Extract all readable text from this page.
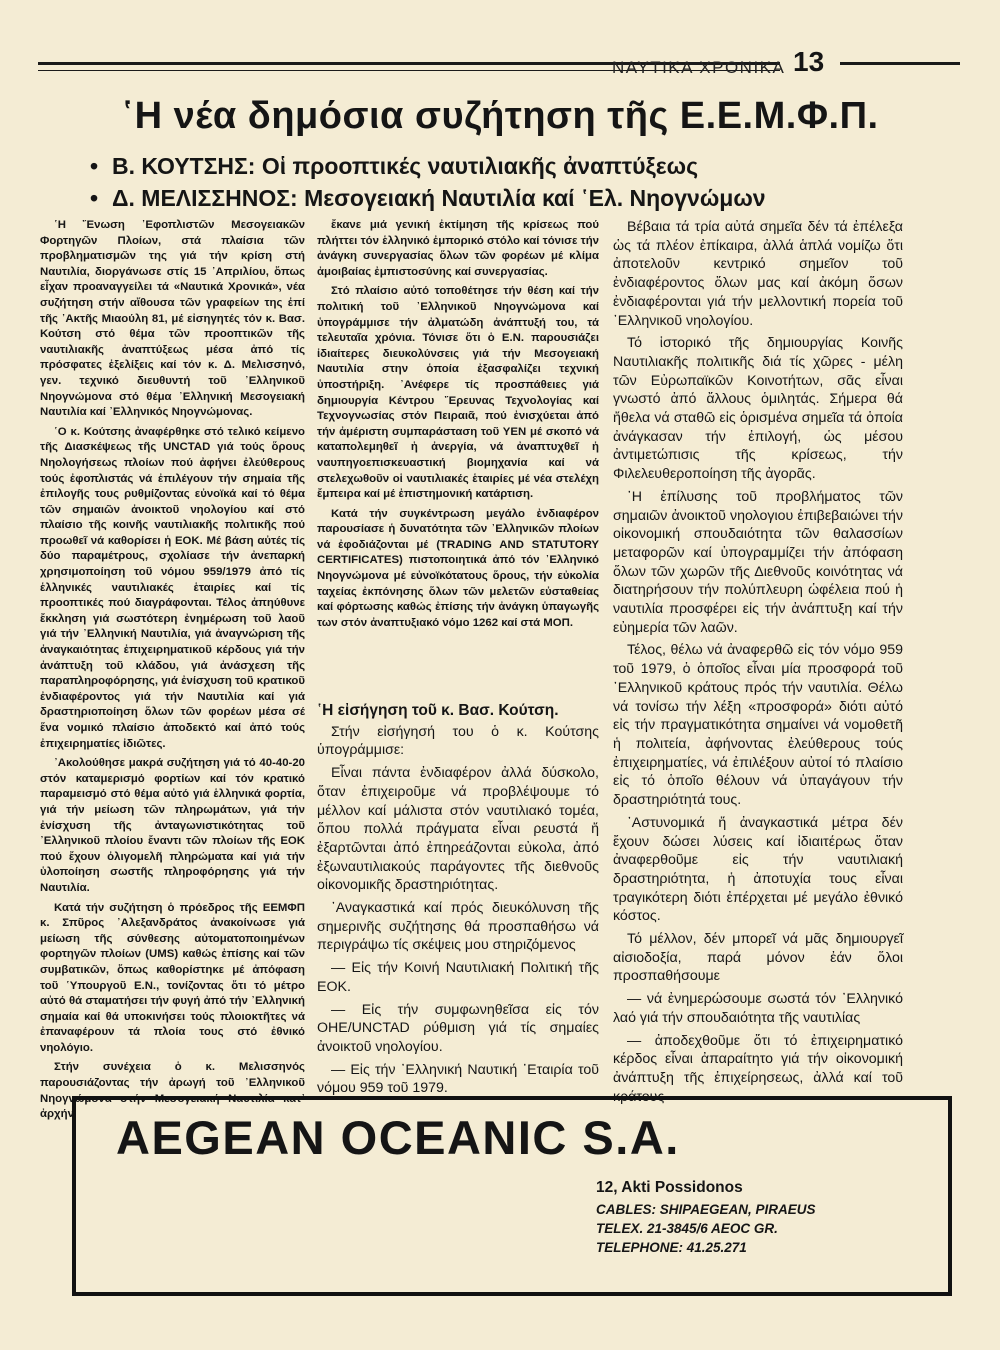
ΝΑΥΤΙΚΑ ΧΡΟΝΙΚΑ 13
῾Η νέα δημόσια συζήτηση τῆς Ε.Ε.Μ.Φ.Π.
• Β. ΚΟΥΤΣΗΣ: Οἱ προοπτικές ναυτιλιακῆς ἀναπτύξεως
• Δ. ΜΕΛΙΣΣΗΝΟΣ: Μεσογειακή Ναυτιλία καί ῾Ελ. Νηογνώμων

῾Η ῞Ενωση ᾿Εφοπλιστῶν Μεσογειακῶν Φορτηγῶν Πλοίων, στά πλαίσια τῶν προβληματισμῶν της γιά τήν κρίση στή Ναυτιλία, διοργάνωσε στίς 15 ᾿Απριλίου, ὅπως εἶχαν προαναγγείλει τά «Ναυτικά Χρονικά», νέα συζήτηση στήν αἴθουσα τῶν γραφείων της ἐπί τῆς ᾿Ακτῆς Μιαούλη 81, μέ εἰσηγητές τόν κ. Βασ. Κούτση στό θέμα τῶν προοπτικῶν τῆς ναυτιλιακῆς ἀναπτύξεως μέσα ἀπό τίς πρόσφατες ἐξελίξεις καί τόν κ. Δ. Μελισσηνό, γεν. τεχνικό διευθυντή τοῦ ᾿Ελληνικοῦ Νηογνώμονα στό θέμα ᾿Ελληνική Μεσογειακή Ναυτιλία καί ᾿Ελληνικός Νηογνώμονας.

῾Ο κ. Κούτσης ἀναφέρθηκε στό τελικό κείμενο τῆς Διασκέψεως τῆς UNCTAD γιά τούς ὅρους Νηολογήσεως πλοίων πού ἀφήνει ἐλεύθερους τούς ἐφοπλιστάς νά ἐπιλέγουν τήν σημαία τῆς ἐπιλογῆς τους ρυθμίζοντας εὐνοϊκά καί τό θέμα τῶν σημαιῶν ἀνοικτοῦ νηολογίου καί στό πλαίσιο τῆς κοινῆς ναυτιλιακῆς πολιτικῆς πού προωθεῖ νά καθορίσει ἡ ΕΟΚ. Μέ βάση αὐτές τίς δύο παραμέτρους, σχολίασε τήν ἀνεπαρκή χρησιμοποίηση τοῦ νόμου 959/1979 ἀπό τίς ἑλληνικές ναυτιλιακές ἑταιρίες καί τίς προοπτικές πού διαγράφονται. Τέλος ἀπηύθυνε ἔκκληση γιά σωστότερη ἐνημέρωση τοῦ λαοῦ γιά τήν ᾿Ελληνική Ναυτιλία, γιά ἀναγνώριση τῆς ἀναγκαιότητας ἐπιχειρηματικοῦ κέρδους γιά τήν ἀνάπτυξη τοῦ κλάδου, γιά ἀνάσχεση τῆς παραπληροφόρησης, γιά ἐνίσχυση τοῦ κρατικοῦ ἐνδιαφέροντος γιά τήν Ναυτιλία καί γιά δραστηριοποίηση ὅλων τῶν φορέων μέσα σέ ἕνα νομικό πλαίσιο ἀποδεκτό καί ἀπό τούς ἐπιχειρηματίες ἰδιῶτες.

᾿Ακολούθησε μακρά συζήτηση γιά τό 40-40-20 στόν καταμερισμό φορτίων καί τόν κρατικό παραμεισμό στό θέμα αὐτό γιά ἑλληνικά φορτία, γιά τήν μείωση τῶν πληρωμάτων, γιά τήν ἐνίσχυση τῆς ἀνταγωνιστικότητας τοῦ ᾿Ελληνικοῦ πλοίου ἔναντι τῶν πλοίων τῆς ΕΟΚ πού ἔχουν ὀλιγομελῆ πληρώματα καί γιά τήν ὑλοποίηση σωστῆς πληροφόρησης γιά τήν Ναυτιλία.

Κατά τήν συζήτηση ὁ πρόεδρος τῆς ΕΕΜΦΠ κ. Σπῦρος ᾿Αλεξανδράτος ἀνακοίνωσε γιά μείωση τῆς σύνθεσης αὐτοματοποιημένων φορτηγῶν πλοίων (UMS) καθώς ἐπίσης καί τῶν συμβατικῶν, ὅπως καθορίστηκε μέ ἀπόφαση τοῦ ῾Υπουργοῦ Ε.Ν., τονίζοντας ὅτι τό μέτρο αὐτό θά σταματήσει τήν φυγή ἀπό τήν ᾿Ελληνική σημαία καί θά υποκινήσει τούς πλοιοκτῆτες νά ἐπαναφέρουν τά πλοία τους στό ἐθνικό νηολόγιο.

Στήν συνέχεια ὁ κ. Μελισσηνός παρουσιάζοντας τήν ἀρωγή τοῦ ᾿Ελληνικοῦ Νηογνώμονα στήν Μεσογειακή Ναυτιλία κατ᾿ ἀρχήν

ἔκανε μιά γενική ἐκτίμηση τῆς κρίσεως πού πλήττει τόν ἑλληνικό ἐμπορικό στόλο καί τόνισε τήν ἀνάγκη συνεργασίας ὅλων τῶν φορέων μέ κλίμα ἀμοιβαίας ἐμπιστοσύνης καί συνεργασίας.

Στό πλαίσιο αὐτό τοποθέτησε τήν θέση καί τήν πολιτική τοῦ ᾿Ελληνικοῦ Νηογνώμονα καί ὑπογράμμισε τήν ἀλματώδη ἀνάπτυξή του, τά τελευταῖα χρόνια. Τόνισε ὅτι ὁ Ε.Ν. παρουσιάζει ἰδιαίτερες διευκολύνσεις γιά τήν Μεσογειακή Ναυτιλία στην ὁποία ἐξασφαλίζει τεχνική ὑποστήριξη. ᾿Ανέφερε τίς προσπάθειες γιά δημιουργία Κέντρου ῎Ερευνας Τεχνολογίας καί Τεχνογνωσίας στόν Πειραιᾶ, πού ἐνισχύεται ἀπό τήν ἀμέριστη συμπαράσταση τοῦ ΥΕΝ μέ σκοπό νά καταπολεμηθεῖ ἡ ἀνεργία, νά ἀναπτυχθεῖ ἡ ναυπηγοεπισκευαστική βιομηχανία καί νά στελεχωθοῦν οἱ ναυτιλιακές ἑταιρίες μέ νέα στελέχη ἔμπειρα καί μέ ἐπιστημονική κατάρτιση.

Κατά τήν συγκέντρωση μεγάλο ἐνδιαφέρον παρουσίασε ἡ δυνατότητα τῶν ᾿Ελληνικῶν πλοίων νά ἐφοδιάζονται μέ (TRADING AND STATUTORY CERTIFICATES) πιστοποιητικά ἀπό τόν ᾿Ελληνικό Νηογνώμονα μέ εὐνοϊκότατους ὅρους, τήν εὐκολία ταχείας ἐκπόνησης ὅλων τῶν μελετῶν εὐσταθείας καί φόρτωσης καθώς ἐπίσης τήν ἀνάγκη ὑπαγωγῆς των στόν ἀναπτυξιακό νόμο 1262 καί στά ΜΟΠ.

῾Η εἰσήγηση τοῦ κ. Βασ. Κούτση.

Στήν εἰσήγησή του ὁ κ. Κούτσης ὑπογράμμισε:

Εἶναι πάντα ἐνδιαφέρον ἀλλά δύσκολο, ὅταν ἐπιχειροῦμε νά προβλέψουμε τό μέλλον καί μάλιστα στόν ναυτιλιακό τομέα, ὅπου πολλά πράγματα εἶναι ρευστά ἤ ἐξαρτῶνται ἀπό ἐπηρεάζονται εὐκολα, ἀπό ἐξωναυτιλιακούς παράγοντες τῆς διεθνοῦς οἰκονομικῆς δραστηριότητας.

᾿Αναγκαστικά καί πρός διευκόλυνση τῆς σημερινῆς συζήτησης θά προσπαθήσω νά περιγράψω τίς σκέψεις μου στηριζόμενος

— Εἰς τήν Κοινή Ναυτιλιακή Πολιτική τῆς ΕΟΚ.

— Εἰς τήν συμφωνηθεῖσα εἰς τόν OHE/UNCTAD ρύθμιση γιά τίς σημαίες ἀνοικτοῦ νηολογίου.

— Εἰς τήν ᾿Ελληνική Ναυτική ᾿Εταιρία τοῦ νόμου 959 τοῦ 1979.

Βέβαια τά τρία αὐτά σημεῖα δέν τά ἐπέλεξα ὡς τά πλέον ἐπίκαιρα, ἀλλά ἁπλά νομίζω ὅτι ἀποτελοῦν κεντρικό σημεῖον τοῦ ἐνδιαφέροντος ὅλων μας καί ἀκόμη ὅσων ἐνδιαφέρονται γιά τήν μελλοντική πορεία τοῦ ᾿Ελληνικοῦ νηολογίου.

Τό ἱστορικό τῆς δημιουργίας Κοινῆς Ναυτιλιακῆς πολιτικῆς διά τίς χῶρες - μέλη τῶν Εὐρωπαϊκῶν Κοινοτήτων, σᾶς εἶναι γνωστό ἀπό ἄλλους ὁμιλητάς. Σήμερα θά ἤθελα νά σταθῶ εἰς ὁρισμένα σημεῖα τά ὁποία ἀνάγκασαν τήν ἐπιλογή, ὡς μέσου ἀντιμετώπισις τῆς κρίσεως, τήν Φιλελευθεροποίηση τῆς ἀγορᾶς.

῾Η ἐπίλυσης τοῦ προβλήματος τῶν σημαιῶν ἀνοικτοῦ νηολογιου ἐπιβεβαιώνει τήν οἰκονομική σπουδαιότητα τῶν θαλασσίων μεταφορῶν καί ὑπογραμμίζει τήν ἀπόφαση ὅλων τῶν χωρῶν τῆς Διεθνοῦς κοινότητας νά διατηρήσουν τήν πολύπλευρη ὠφέλεια πού ἡ ναυτιλία προσφέρει εἰς τήν ἀνάπτυξη καί τήν εὐημερία τῶν λαῶν.

Τέλος, θέλω νά ἀναφερθῶ εἰς τόν νόμο 959 τοῦ 1979, ὁ ὁποῖος εἶναι μία προσφορά τοῦ ᾿Ελληνικοῦ κράτους πρός τήν ναυτιλία. Θέλω νά τονίσω τήν λέξη «προσφορά» διότι αὐτό εἰς τήν πραγματικότητα σημαίνει νά νομοθετῆ ἡ πολιτεία, ἀφήνοντας ἐλεύθερους τούς ἐπιχειρηματίες, νά ἐπιλέξουν αὐτοί τό πλαίσιο εἰς τό ὁποῖο θέλουν νά ὑπαγάγουν τήν δραστηριότητά τους.

᾿Αστυνομικά ἤ ἀναγκαστικά μέτρα δέν ἔχουν δώσει λύσεις καί ἰδιαιτέρως ὅταν ἀναφερθοῦμε εἰς τήν ναυτιλιακή δραστηριότητα, ἡ ἀποτυχία τους εἶναι τραγικότερη διότι ἐπέρχεται μέ μεγάλο ἐθνικό κόστος.

Τό μέλλον, δέν μπορεῖ νά μᾶς δημιουργεῖ αἰσιοδοξία, παρά μόνον ἐάν ὅλοι προσπαθήσουμε

— νά ἐνημερώσουμε σωστά τόν ᾿Ελληνικό λαό γιά τήν σπουδαιότητα τῆς ναυτιλίας

— ἀποδεχθοῦμε ὅτι τό ἐπιχειρηματικό κέρδος εἶναι ἀπαραίτητο γιά τήν οἰκονομική ἀνάπτυξη τῆς ἐπιχείρησεως, ἀλλά καί τοῦ κράτους

AEGEAN OCEANIC S.A.
12, Akti Possidonos
CABLES: SHIPAEGEAN, PIRAEUS
TELEX. 21-3845/6 AEOC GR.
TELEPHONE: 41.25.271
